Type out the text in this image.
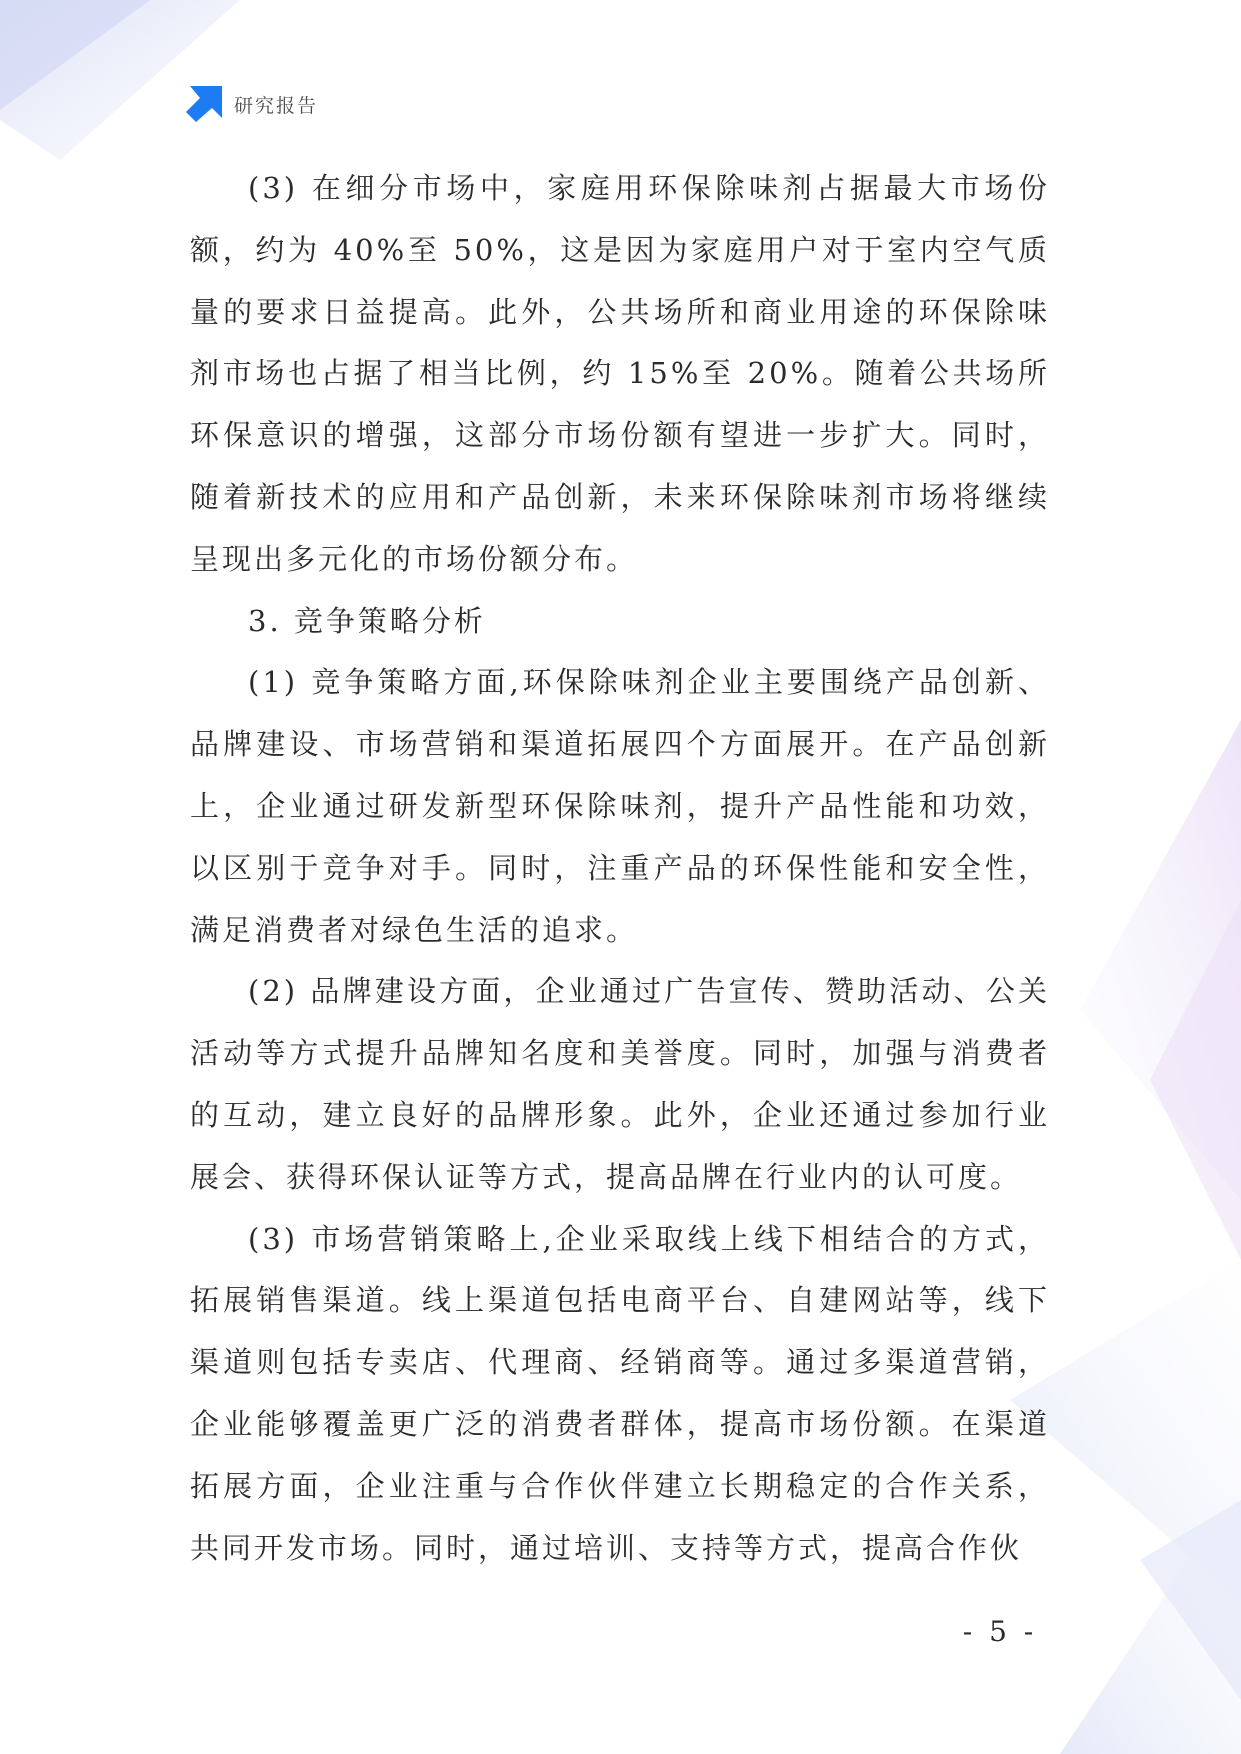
研究报告

(3) 在细分市场中，家庭用环保除味剂占据最大市场份额，约为 40%至 50%，这是因为家庭用户对于室内空气质量的要求日益提高。此外，公共场所和商业用途的环保除味剂市场也占据了相当比例，约 15%至 20%。随着公共场所环保意识的增强，这部分市场份额有望进一步扩大。同时，随着新技术的应用和产品创新，未来环保除味剂市场将继续呈现出多元化的市场份额分布。

3. 竞争策略分析

(1) 竞争策略方面,环保除味剂企业主要围绕产品创新、品牌建设、市场营销和渠道拓展四个方面展开。在产品创新上，企业通过研发新型环保除味剂，提升产品性能和功效，以区别于竞争对手。同时，注重产品的环保性能和安全性，满足消费者对绿色生活的追求。

(2) 品牌建设方面，企业通过广告宣传、赞助活动、公关活动等方式提升品牌知名度和美誉度。同时，加强与消费者的互动，建立良好的品牌形象。此外，企业还通过参加行业展会、获得环保认证等方式，提高品牌在行业内的认可度。

(3) 市场营销策略上,企业采取线上线下相结合的方式，拓展销售渠道。线上渠道包括电商平台、自建网站等，线下渠道则包括专卖店、代理商、经销商等。通过多渠道营销，企业能够覆盖更广泛的消费者群体，提高市场份额。在渠道拓展方面，企业注重与合作伙伴建立长期稳定的合作关系，共同开发市场。同时，通过培训、支持等方式，提高合作伙

- 5 -
